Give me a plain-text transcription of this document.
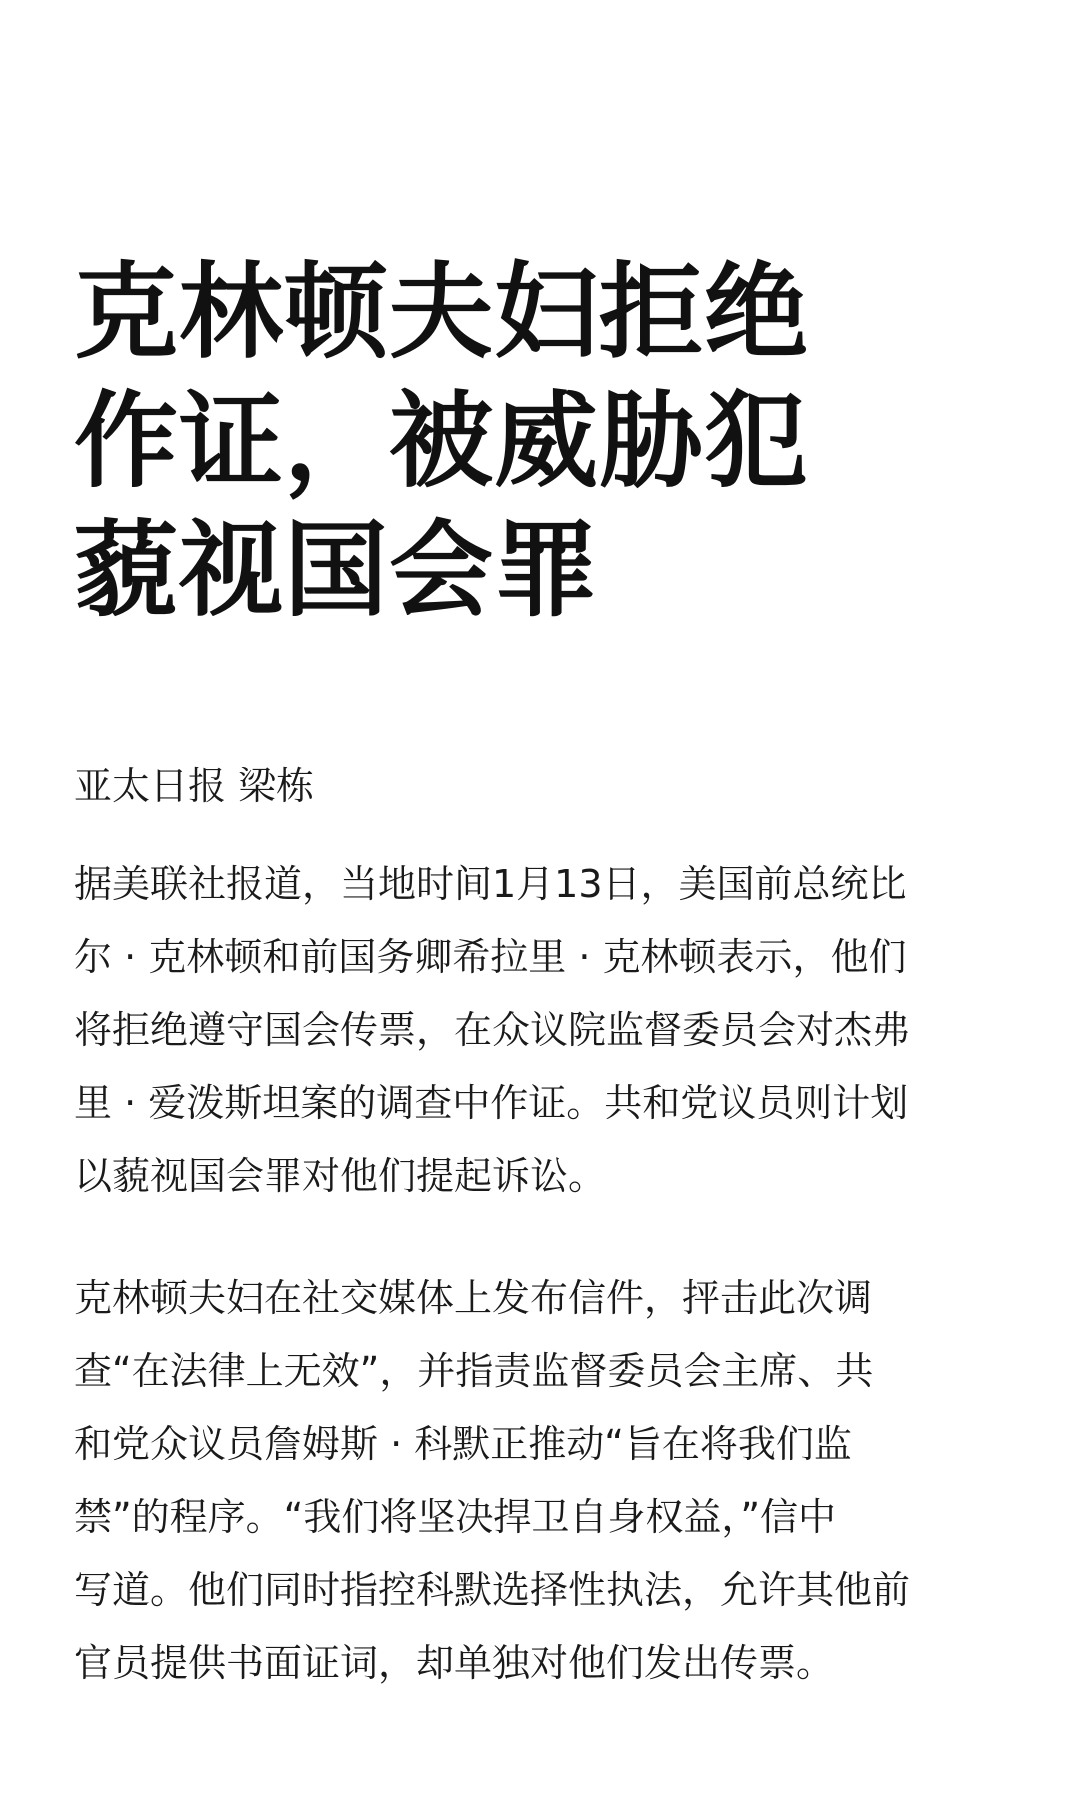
克林顿夫妇拒绝
作证，被威胁犯
藐视国会罪
亚太日报 梁栋

据美联社报道，当地时间1月13日，美国前总统比
尔 · 克林顿和前国务卿希拉里 · 克林顿表示，他们
将拒绝遵守国会传票，在众议院监督委员会对杰弗
里 · 爱泼斯坦案的调查中作证。共和党议员则计划
以藐视国会罪对他们提起诉讼。

克林顿夫妇在社交媒体上发布信件，抨击此次调
查“在法律上无效”，并指责监督委员会主席、共
和党众议员詹姆斯 · 科默正推动“旨在将我们监
禁”的程序。“我们将坚决捍卫自身权益，”信中
写道。他们同时指控科默选择性执法，允许其他前
官员提供书面证词，却单独对他们发出传票。
